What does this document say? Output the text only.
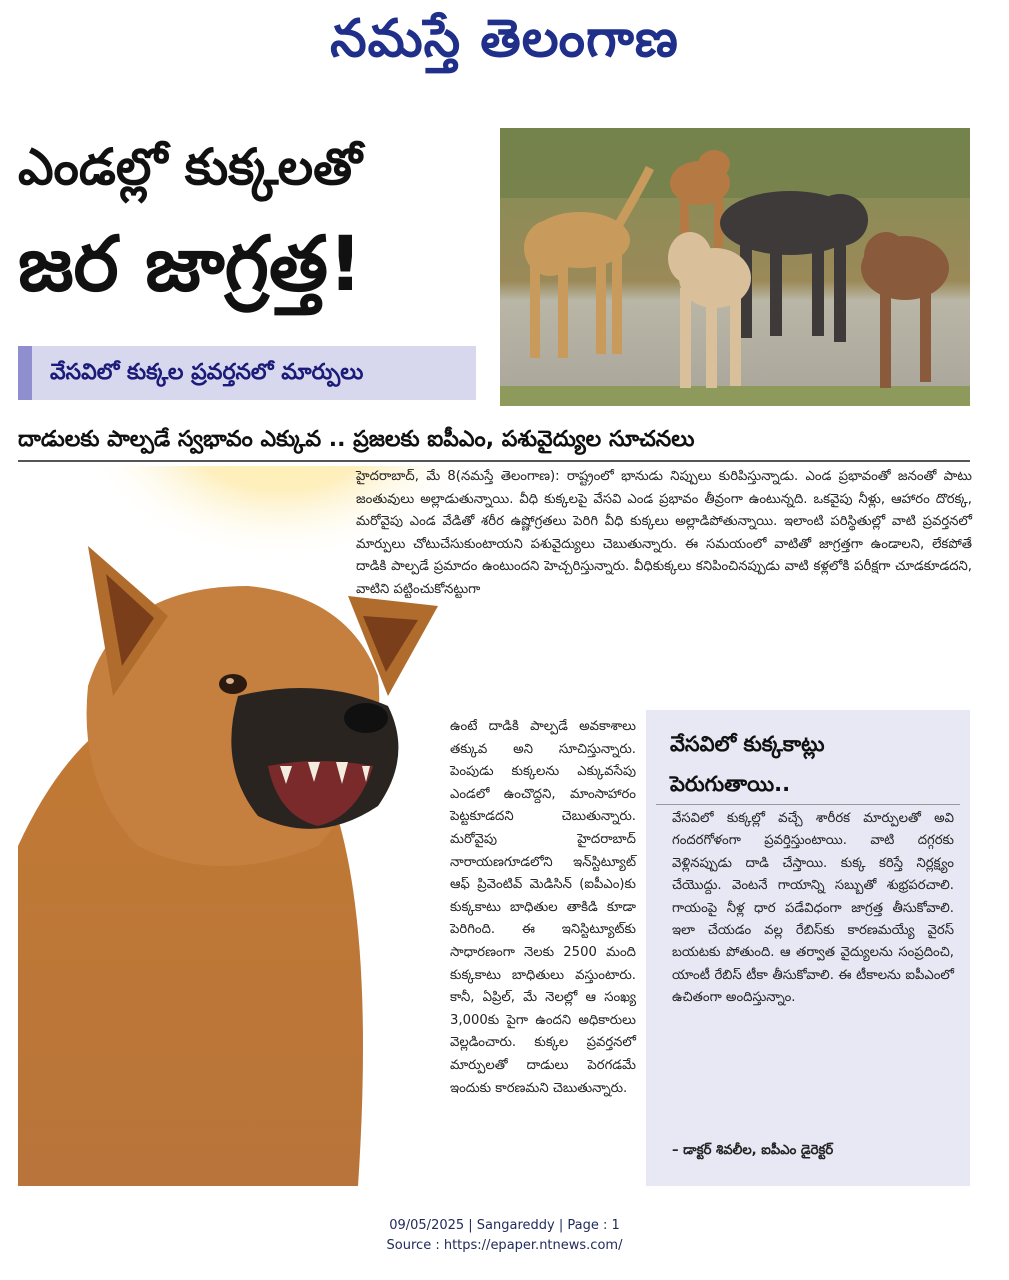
నమస్తే తెలంగాణ
ఎండల్లో కుక్కలతో
జర జాగ్రత్త!
వేసవిలో కుక్కల ప్రవర్తనలో మార్పులు
దాడులకు పాల్పడే స్వభావం ఎక్కువ .. ప్రజలకు ఐపీఎం, పశువైద్యుల సూచనలు
హైదరాబాద్‌, మే 8(నమస్తే తెలంగాణ): రాష్ట్రంలో భానుడు నిప్పులు కురిపిస్తున్నాడు. ఎండ ప్రభావంతో జనంతో పాటు జంతువులు అల్లాడుతున్నాయి. వీధి కుక్కలపై వేసవి ఎండ ప్రభావం తీవ్రంగా ఉంటున్నది. ఒకవైపు నీళ్లు, ఆహారం దొరక్క, మరోవైపు ఎండ వేడితో శరీర ఉష్ణోగ్రతలు పెరిగి వీధి కుక్కలు అల్లాడిపోతున్నాయి. ఇలాంటి పరిస్థితుల్లో వాటి ప్రవర్తనలో మార్పులు చోటుచేసుకుంటాయని పశువైద్యులు చెబుతున్నారు. ఈ సమయంలో వాటితో జాగ్రత్తగా ఉండాలని, లేకపోతే దాడికి పాల్పడే ప్రమాదం ఉంటుందని హెచ్చరిస్తున్నారు. వీధికుక్కలు కనిపించినప్పుడు వాటి కళ్లలోకి పరీక్షగా చూడకూడదని, వాటిని పట్టించుకోనట్టుగా
ఉంటే దాడికి పాల్పడే అవకాశాలు తక్కువ అని సూచిస్తున్నారు. పెంపుడు కుక్కలను ఎక్కువసేపు ఎండలో ఉంచొద్దని, మాంసాహారం పెట్టకూడదని చెబుతున్నారు. మరోవైపు హైదరాబాద్‌ నారాయణగూడలోని ఇన్‌స్టిట్యూట్‌ ఆఫ్‌ ప్రివెంటివ్‌ మెడిసిన్‌ (ఐపీఎం)కు కుక్కకాటు బాధితుల తాకిడి కూడా పెరిగింది. ఈ ఇనిస్టిట్యూట్‌కు సాధారణంగా నెలకు 2500 మంది కుక్కకాటు బాధితులు వస్తుంటారు. కానీ, ఏప్రిల్‌, మే నెలల్లో ఆ సంఖ్య 3,000కు పైగా ఉందని అధికారులు వెల్లడించారు. కుక్కల ప్రవర్తనలో మార్పులతో దాడులు పెరగడమే ఇందుకు కారణమని చెబుతున్నారు.
వేసవిలో కుక్కకాట్లు
పెరుగుతాయి..
వేసవిలో కుక్కల్లో వచ్చే శారీరక మార్పులతో అవి గందరగోళంగా ప్రవర్తిస్తుంటాయి. వాటి దగ్గరకు వెళ్లినప్పుడు దాడి చేస్తాయి. కుక్క కరిస్తే నిర్లక్ష్యం చేయొద్దు. వెంటనే గాయాన్ని సబ్బుతో శుభ్రపరచాలి. గాయంపై నీళ్ల ధార పడేవిధంగా జాగ్రత్త తీసుకోవాలి. ఇలా చేయడం వల్ల రేబిస్‌కు కారణమయ్యే వైరస్‌ బయటకు పోతుంది. ఆ తర్వాత వైద్యులను సంప్రదించి, యాంటీ రేబిస్‌ టీకా తీసుకోవాలి. ఈ టీకాలను ఐపీఎంలో ఉచితంగా అందిస్తున్నాం.
– డాక్టర్‌ శివలీల, ఐపీఎం డైరెక్టర్‌
09/05/2025 | Sangareddy | Page : 1
Source : https://epaper.ntnews.com/
